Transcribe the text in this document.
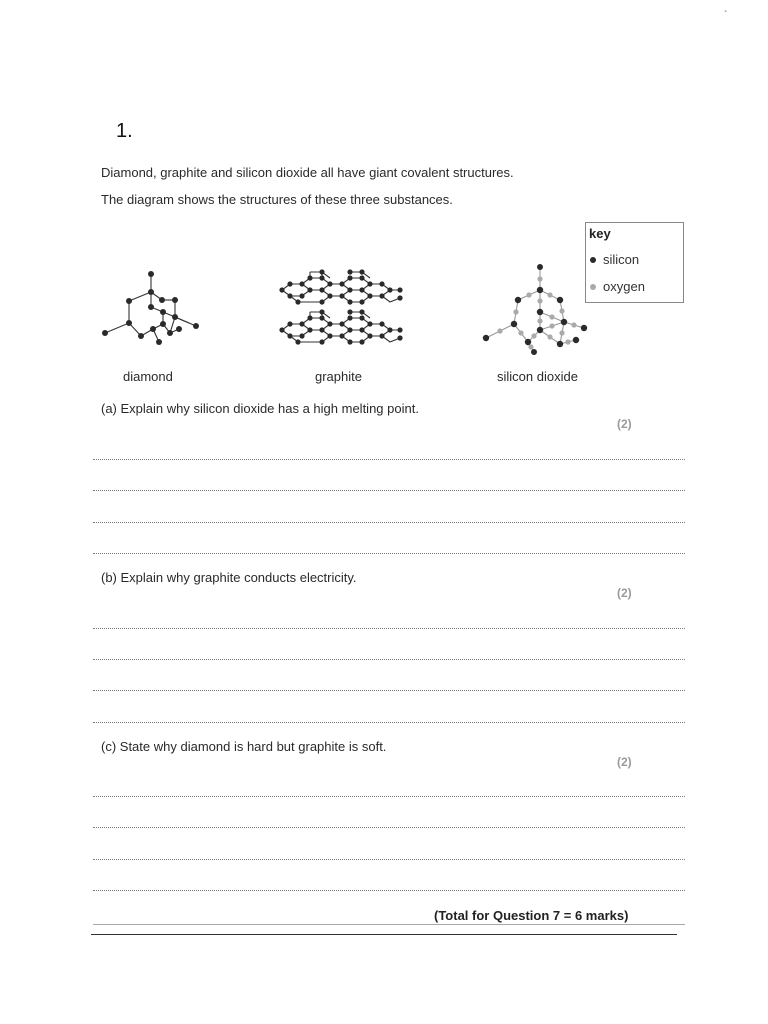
`
1.
Diamond, graphite and silicon dioxide all have giant covalent structures.
The diagram shows the structures of these three substances.
key
silicon
oxygen
diamond	graphite	silicon dioxide
(a) Explain why silicon dioxide has a high melting point.
(2)
(b) Explain why graphite conducts electricity.
(2)
(c) State why diamond is hard but graphite is soft.
(2)
(Total for Question 7 = 6 marks)
